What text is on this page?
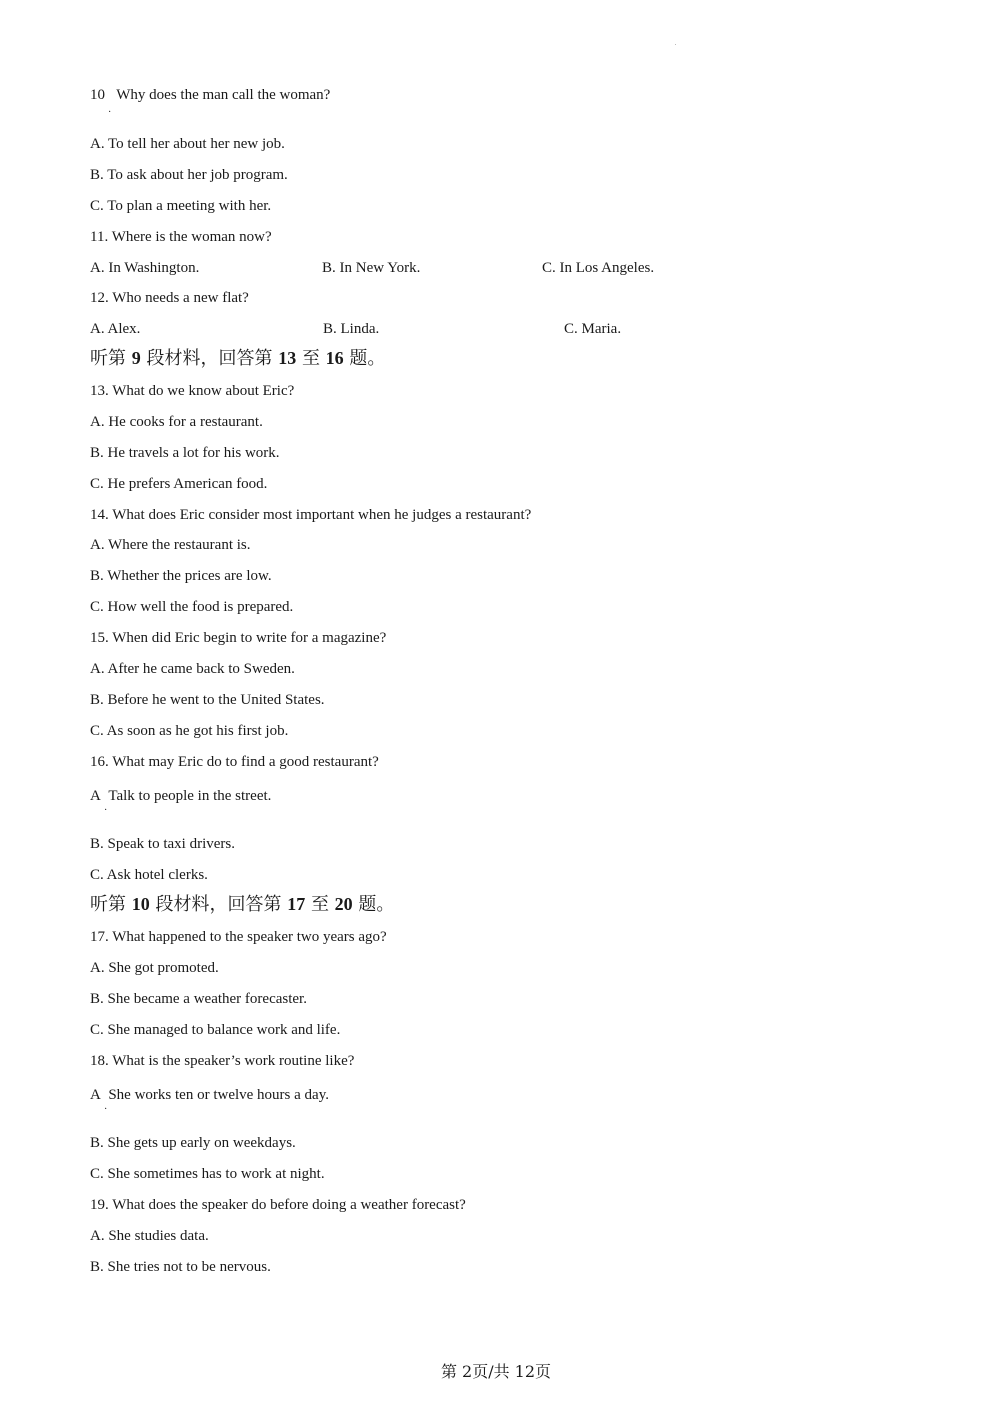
10 Why does the man call the woman?
·
A. To tell her about her new job.
B. To ask about her job program.
C. To plan a meeting with her.
11. Where is the woman now?
A. In Washington.	B. In New York.	C. In Los Angeles.
12. Who needs a new flat?
A. Alex.	B. Linda.	C. Maria.
听第 9 段材料，回答第 13 至 16 题。
13. What do we know about Eric?
A. He cooks for a restaurant.
B. He travels a lot for his work.
C. He prefers American food.
14. What does Eric consider most important when he judges a restaurant?
A. Where the restaurant is.
B. Whether the prices are low.
C. How well the food is prepared.
15. When did Eric begin to write for a magazine?
A. After he came back to Sweden.
B. Before he went to the United States.
C. As soon as he got his first job.
16. What may Eric do to find a good restaurant?
A Talk to people in the street.
·
B. Speak to taxi drivers.
C. Ask hotel clerks.
听第 10 段材料，回答第 17 至 20 题。
17. What happened to the speaker two years ago?
A. She got promoted.
B. She became a weather forecaster.
C. She managed to balance work and life.
18. What is the speaker’s work routine like?
A She works ten or twelve hours a day.
·
B. She gets up early on weekdays.
C. She sometimes has to work at night.
19. What does the speaker do before doing a weather forecast?
A. She studies data.
B. She tries not to be nervous.
第 2页/共 12页
